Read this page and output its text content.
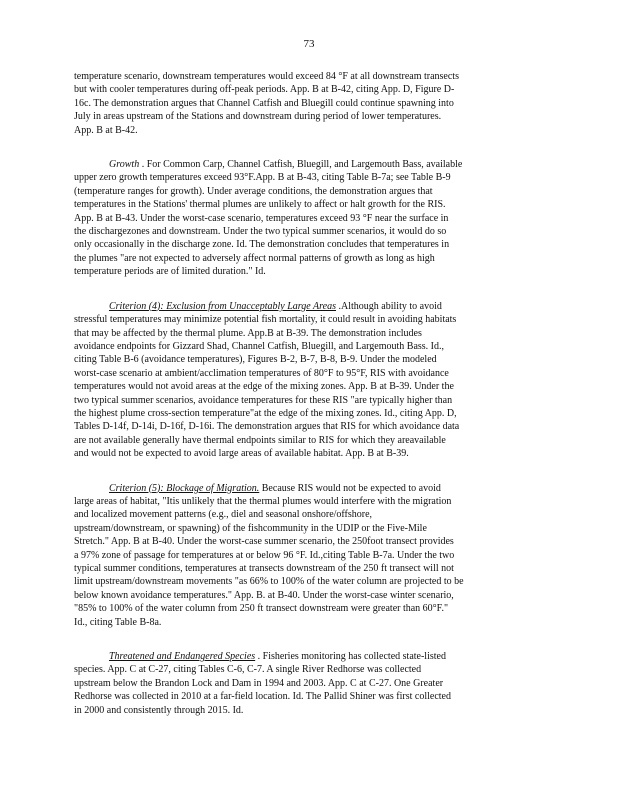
73
temperature scenario, downstream temperatures would exceed 84 °F at all downstream transects
but with cooler temperatures during off-peak periods. App. B at B-42, citing App. D, Figure D-
16c. The demonstration argues that Channel Catfish and Bluegill could continue spawning into
July in areas upstream of the Stations and downstream during period of lower temperatures.
App. B at B-42.
Growth . For Common Carp, Channel Catfish, Bluegill, and Largemouth Bass, available
upper zero growth temperatures exceed 93°F.App. B at B-43, citing Table B-7a; see Table B-9
(temperature ranges for growth). Under average conditions, the demonstration argues that
temperatures in the Stations' thermal plumes are unlikely to affect or halt growth for the RIS.
App. B at B-43. Under the worst-case scenario, temperatures exceed 93 °F near the surface in
the dischargezones and downstream. Under the two typical summer scenarios, it would do so
only occasionally in the discharge zone. Id. The demonstration concludes that temperatures in
the plumes "are not expected to adversely affect normal patterns of growth as long as high
temperature periods are of limited duration." Id.
Criterion (4): Exclusion from Unacceptably Large Areas .Although ability to avoid
stressful temperatures may minimize potential fish mortality, it could result in avoiding habitats
that may be affected by the thermal plume. App.B at B-39. The demonstration includes
avoidance endpoints for Gizzard Shad, Channel Catfish, Bluegill, and Largemouth Bass. Id.,
citing Table B-6 (avoidance temperatures), Figures B-2, B-7, B-8, B-9. Under the modeled
worst-case scenario at ambient/acclimation temperatures of 80°F to 95°F, RIS with avoidance
temperatures would not avoid areas at the edge of the mixing zones. App. B at B-39. Under the
two typical summer scenarios, avoidance temperatures for these RIS "are typically higher than
the highest plume cross-section temperature"at the edge of the mixing zones. Id., citing App. D,
Tables D-14f, D-14i, D-16f, D-16i. The demonstration argues that RIS for which avoidance data
are not available generally have thermal endpoints similar to RIS for which they areavailable
and would not be expected to avoid large areas of available habitat. App. B at B-39.
Criterion (5): Blockage of Migration. Because RIS would not be expected to avoid
large areas of habitat, "Itis unlikely that the thermal plumes would interfere with the migration
and localized movement patterns (e.g., diel and seasonal onshore/offshore,
upstream/downstream, or spawning) of the fishcommunity in the UDIP or the Five-Mile
Stretch." App. B at B-40. Under the worst-case summer scenario, the 250foot transect provides
a 97% zone of passage for temperatures at or below 96 °F. Id.,citing Table B-7a. Under the two
typical summer conditions, temperatures at transects downstream of the 250 ft transect will not
limit upstream/downstream movements "as 66% to 100% of the water column are projected to be
below known avoidance temperatures." App. B. at B-40. Under the worst-case winter scenario,
"85% to 100% of the water column from 250 ft transect downstream were greater than 60°F."
Id., citing Table B-8a.
Threatened and Endangered Species . Fisheries monitoring has collected state-listed
species. App. C at C-27, citing Tables C-6, C-7. A single River Redhorse was collected
upstream below the Brandon Lock and Dam in 1994 and 2003. App. C at C-27. One Greater
Redhorse was collected in 2010 at a far-field location. Id. The Pallid Shiner was first collected
in 2000 and consistently through 2015. Id.
